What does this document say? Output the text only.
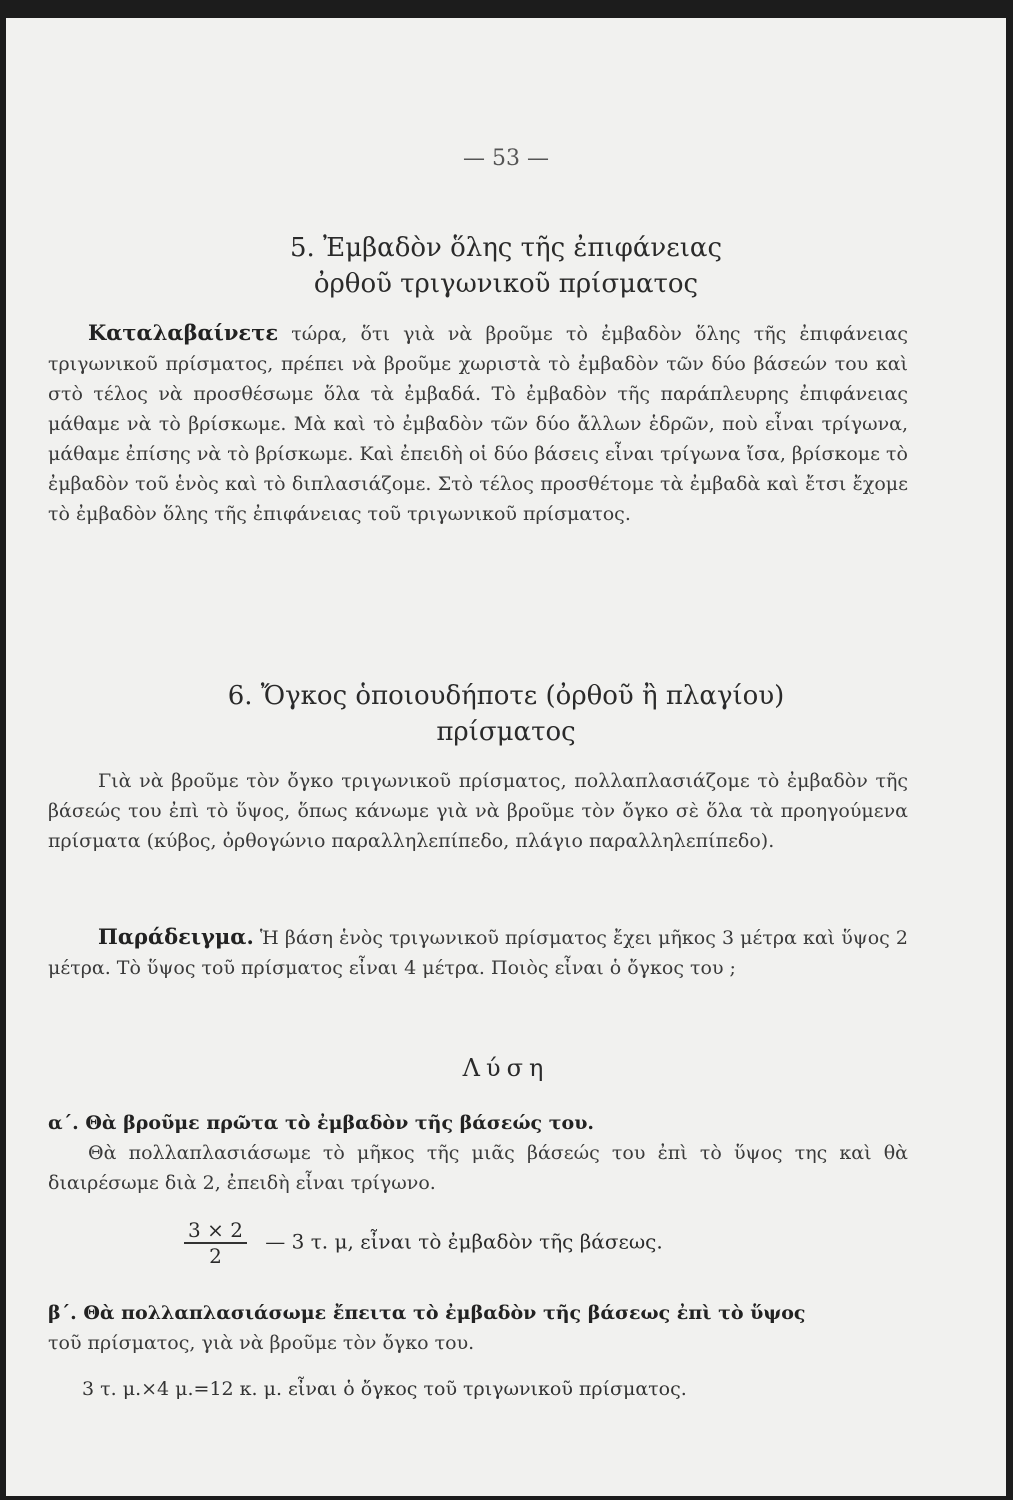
— 53 —
5. Ἐμβαδὸν ὅλης τῆς ἐπιφάνειας
ὀρθοῦ τριγωνικοῦ πρίσματος
Καταλαβαίνετε τώρα, ὅτι γιὰ νὰ βροῦμε τὸ ἐμβαδὸν ὅλης τῆς ἐπιφάνειας τριγωνικοῦ πρίσματος, πρέπει νὰ βροῦμε χωριστὰ τὸ ἐμβαδὸν τῶν δύο βάσεών του καὶ στὸ τέλος νὰ προσθέσωμε ὅλα τὰ ἐμβαδά. Τὸ ἐμβαδὸν τῆς παράπλευρης ἐπιφάνειας μάθαμε νὰ τὸ βρίσκωμε. Μὰ καὶ τὸ ἐμβαδὸν τῶν δύο ἄλλων ἑδρῶν, ποὺ εἶναι τρίγωνα, μάθαμε ἐπίσης νὰ τὸ βρίσκωμε. Καὶ ἐπειδὴ οἱ δύο βάσεις εἶναι τρίγωνα ἴσα, βρίσκομε τὸ ἐμβαδὸν τοῦ ἑνὸς καὶ τὸ διπλασιάζομε. Στὸ τέλος προσθέτομε τὰ ἐμβαδὰ καὶ ἔτσι ἔχομε τὸ ἐμβαδὸν ὅλης τῆς ἐπιφάνειας τοῦ τριγωνικοῦ πρίσματος.
6. Ὄγκος ὁποιουδήποτε (ὀρθοῦ ἢ πλαγίου)
πρίσματος
Γιὰ νὰ βροῦμε τὸν ὄγκο τριγωνικοῦ πρίσματος, πολλαπλασιάζομε τὸ ἐμβαδὸν τῆς βάσεώς του ἐπὶ τὸ ὕψος, ὅπως κάνωμε γιὰ νὰ βροῦμε τὸν ὄγκο σὲ ὅλα τὰ προηγούμενα πρίσματα (κύβος, ὀρθογώνιο παραλληλεπίπεδο, πλάγιο παραλληλεπίπεδο).
Παράδειγμα. Ἡ βάση ἑνὸς τριγωνικοῦ πρίσματος ἔχει μῆκος 3 μέτρα καὶ ὕψος 2 μέτρα. Τὸ ὕψος τοῦ πρίσματος εἶναι 4 μέτρα. Ποιὸς εἶναι ὁ ὄγκος του ;
Λύση
α΄. Θὰ βροῦμε πρῶτα τὸ ἐμβαδὸν τῆς βάσεώς του.
Θὰ πολλαπλασιάσωμε τὸ μῆκος τῆς μιᾶς βάσεώς του ἐπὶ τὸ ὕψος της καὶ θὰ διαιρέσωμε διὰ 2, ἐπειδὴ εἶναι τρίγωνο.
$\frac{3 \times 2}{2}$ — 3 τ. μ, εἶναι τὸ ἐμβαδὸν τῆς βάσεως.
β΄. Θὰ πολλαπλασιάσωμε ἔπειτα τὸ ἐμβαδὸν τῆς βάσεως ἐπὶ τὸ ὕψος
τοῦ πρίσματος, γιὰ νὰ βροῦμε τὸν ὄγκο του.
3 τ. μ.×4 μ.=12 κ. μ. εἶναι ὁ ὄγκος τοῦ τριγωνικοῦ πρίσματος.
